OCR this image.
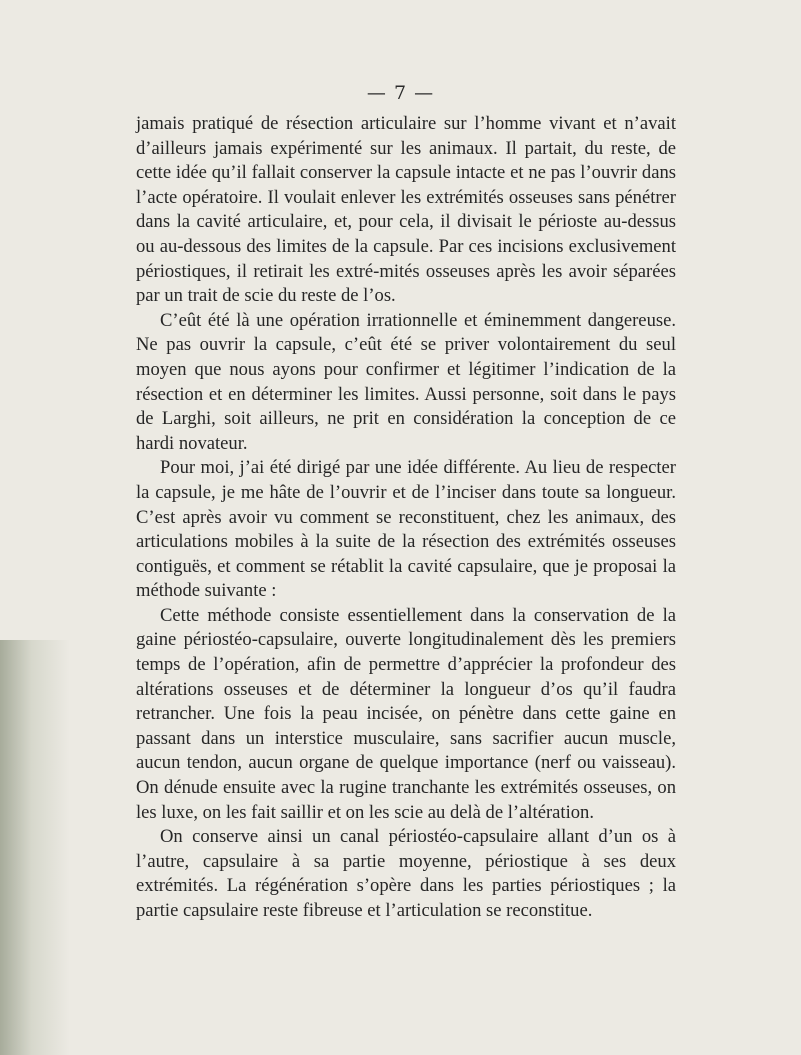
— 7 —

jamais pratiqué de résection articulaire sur l’homme vivant et n’avait d’ailleurs jamais expérimenté sur les animaux. Il partait, du reste, de cette idée qu’il fallait conserver la capsule intacte et ne pas l’ouvrir dans l’acte opératoire. Il voulait enlever les extrémités osseuses sans pénétrer dans la cavité articulaire, et, pour cela, il divisait le périoste au-dessus ou au-dessous des limites de la capsule. Par ces incisions exclusivement périostiques, il retirait les extré-mités osseuses après les avoir séparées par un trait de scie du reste de l’os.

C’eût été là une opération irrationnelle et éminemment dangereuse. Ne pas ouvrir la capsule, c’eût été se priver volontairement du seul moyen que nous ayons pour confirmer et légitimer l’indication de la résection et en déterminer les limites. Aussi personne, soit dans le pays de Larghi, soit ailleurs, ne prit en considération la conception de ce hardi novateur.

Pour moi, j’ai été dirigé par une idée différente. Au lieu de respecter la capsule, je me hâte de l’ouvrir et de l’inciser dans toute sa longueur. C’est après avoir vu comment se reconstituent, chez les animaux, des articulations mobiles à la suite de la résection des extrémités osseuses contiguës, et comment se rétablit la cavité capsulaire, que je proposai la méthode suivante :

Cette méthode consiste essentiellement dans la conservation de la gaine périostéo-capsulaire, ouverte longitudinalement dès les premiers temps de l’opération, afin de permettre d’apprécier la profondeur des altérations osseuses et de déterminer la longueur d’os qu’il faudra retrancher. Une fois la peau incisée, on pénètre dans cette gaine en passant dans un interstice musculaire, sans sacrifier aucun muscle, aucun tendon, aucun organe de quelque importance (nerf ou vaisseau). On dénude ensuite avec la rugine tranchante les extrémités osseuses, on les luxe, on les fait saillir et on les scie au delà de l’altération.

On conserve ainsi un canal périostéo-capsulaire allant d’un os à l’autre, capsulaire à sa partie moyenne, périostique à ses deux extrémités. La régénération s’opère dans les parties périostiques ; la partie capsulaire reste fibreuse et l’articulation se reconstitue.
